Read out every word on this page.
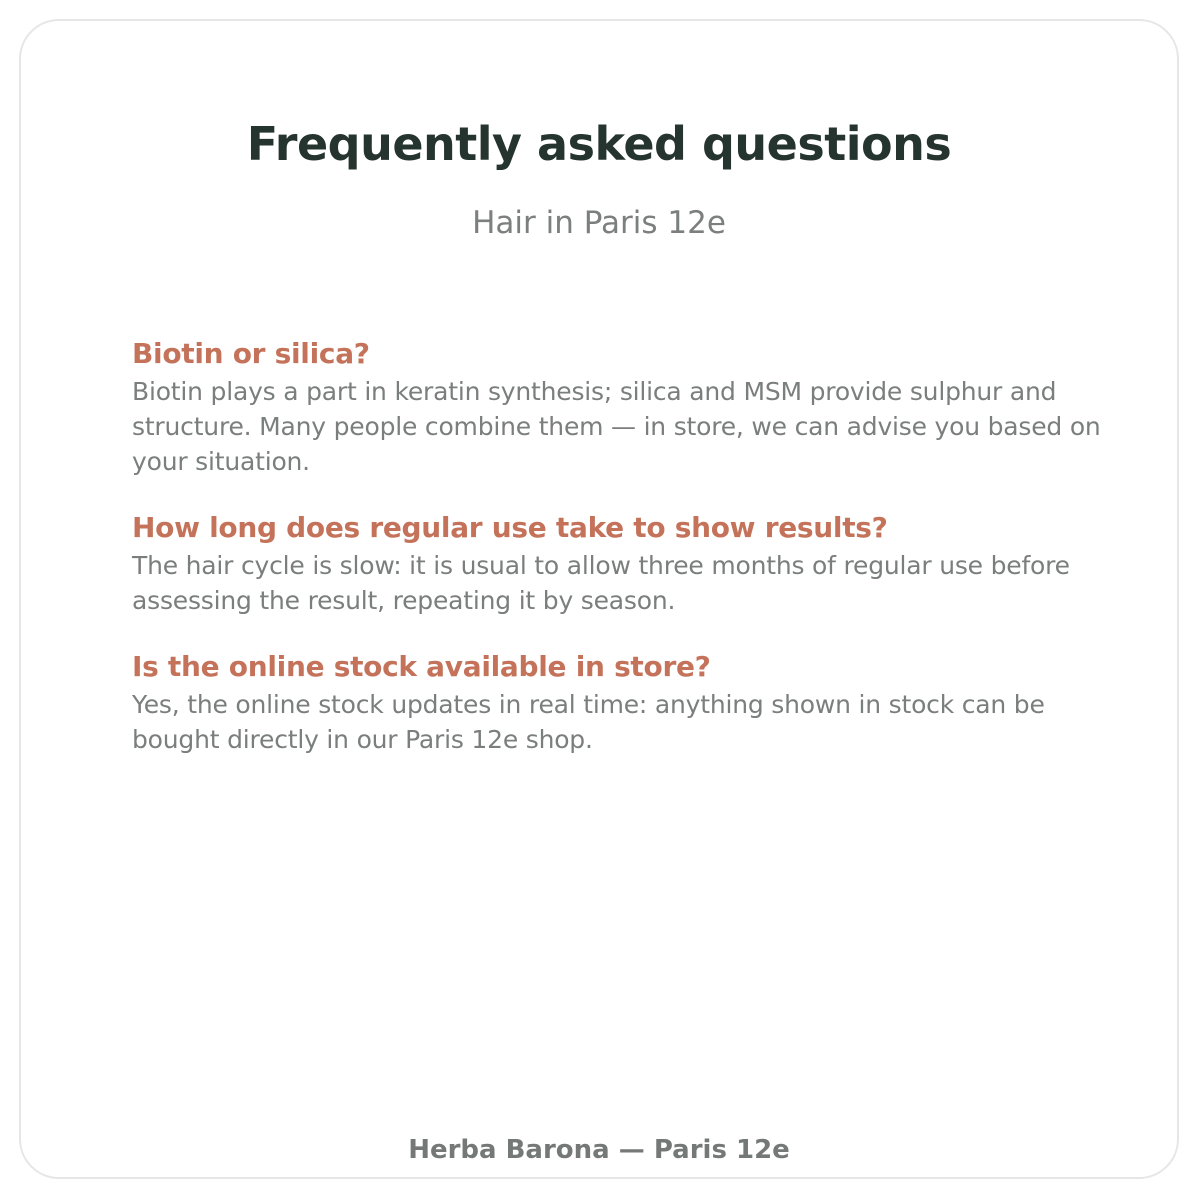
Frequently asked questions

Hair in Paris 12e

Biotin or silica?

Biotin plays a part in keratin synthesis; silica and MSM provide sulphur and structure. Many people combine them — in store, we can advise you based on your situation.

How long does regular use take to show results?

The hair cycle is slow: it is usual to allow three months of regular use before assessing the result, repeating it by season.

Is the online stock available in store?

Yes, the online stock updates in real time: anything shown in stock can be bought directly in our Paris 12e shop.

Herba Barona — Paris 12e
